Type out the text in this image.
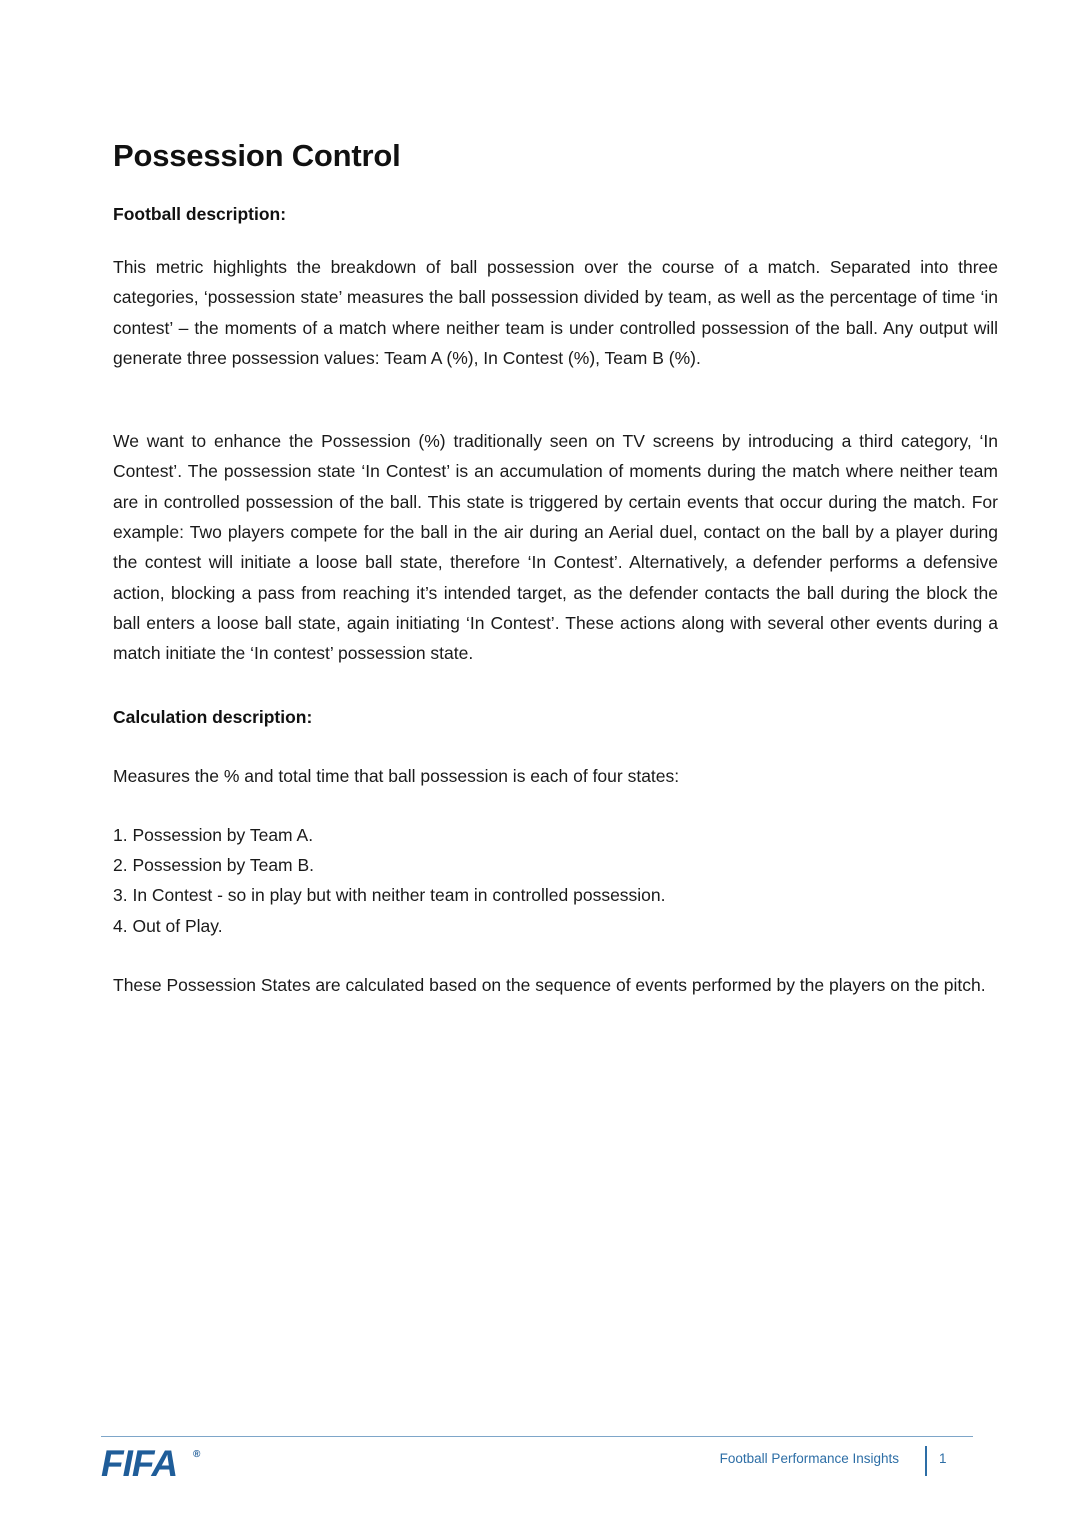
Possession Control
Football description:

This metric highlights the breakdown of ball possession over the course of a match. Separated into three categories, ‘possession state’ measures the ball possession divided by team, as well as the percentage of time ‘in contest’ – the moments of a match where neither team is under controlled possession of the ball. Any output will generate three possession values: Team A (%), In Contest (%), Team B (%).

We want to enhance the Possession (%) traditionally seen on TV screens by introducing a third category, ‘In Contest’. The possession state ‘In Contest’ is an accumulation of moments during the match where neither team are in controlled possession of the ball. This state is triggered by certain events that occur during the match. For example: Two players compete for the ball in the air during an Aerial duel, contact on the ball by a player during the contest will initiate a loose ball state, therefore ‘In Contest’. Alternatively, a defender performs a defensive action, blocking a pass from reaching it’s intended target, as the defender contacts the ball during the block the ball enters a loose ball state, again initiating ‘In Contest’. These actions along with several other events during a match initiate the ‘In contest’ possession state.

Calculation description:

Measures the % and total time that ball possession is each of four states:

1. Possession by Team A.
2. Possession by Team B.
3. In Contest - so in play but with neither team in controlled possession.
4. Out of Play.

These Possession States are calculated based on the sequence of events performed by the players on the pitch.

FIFA ®	Football Performance Insights	1
